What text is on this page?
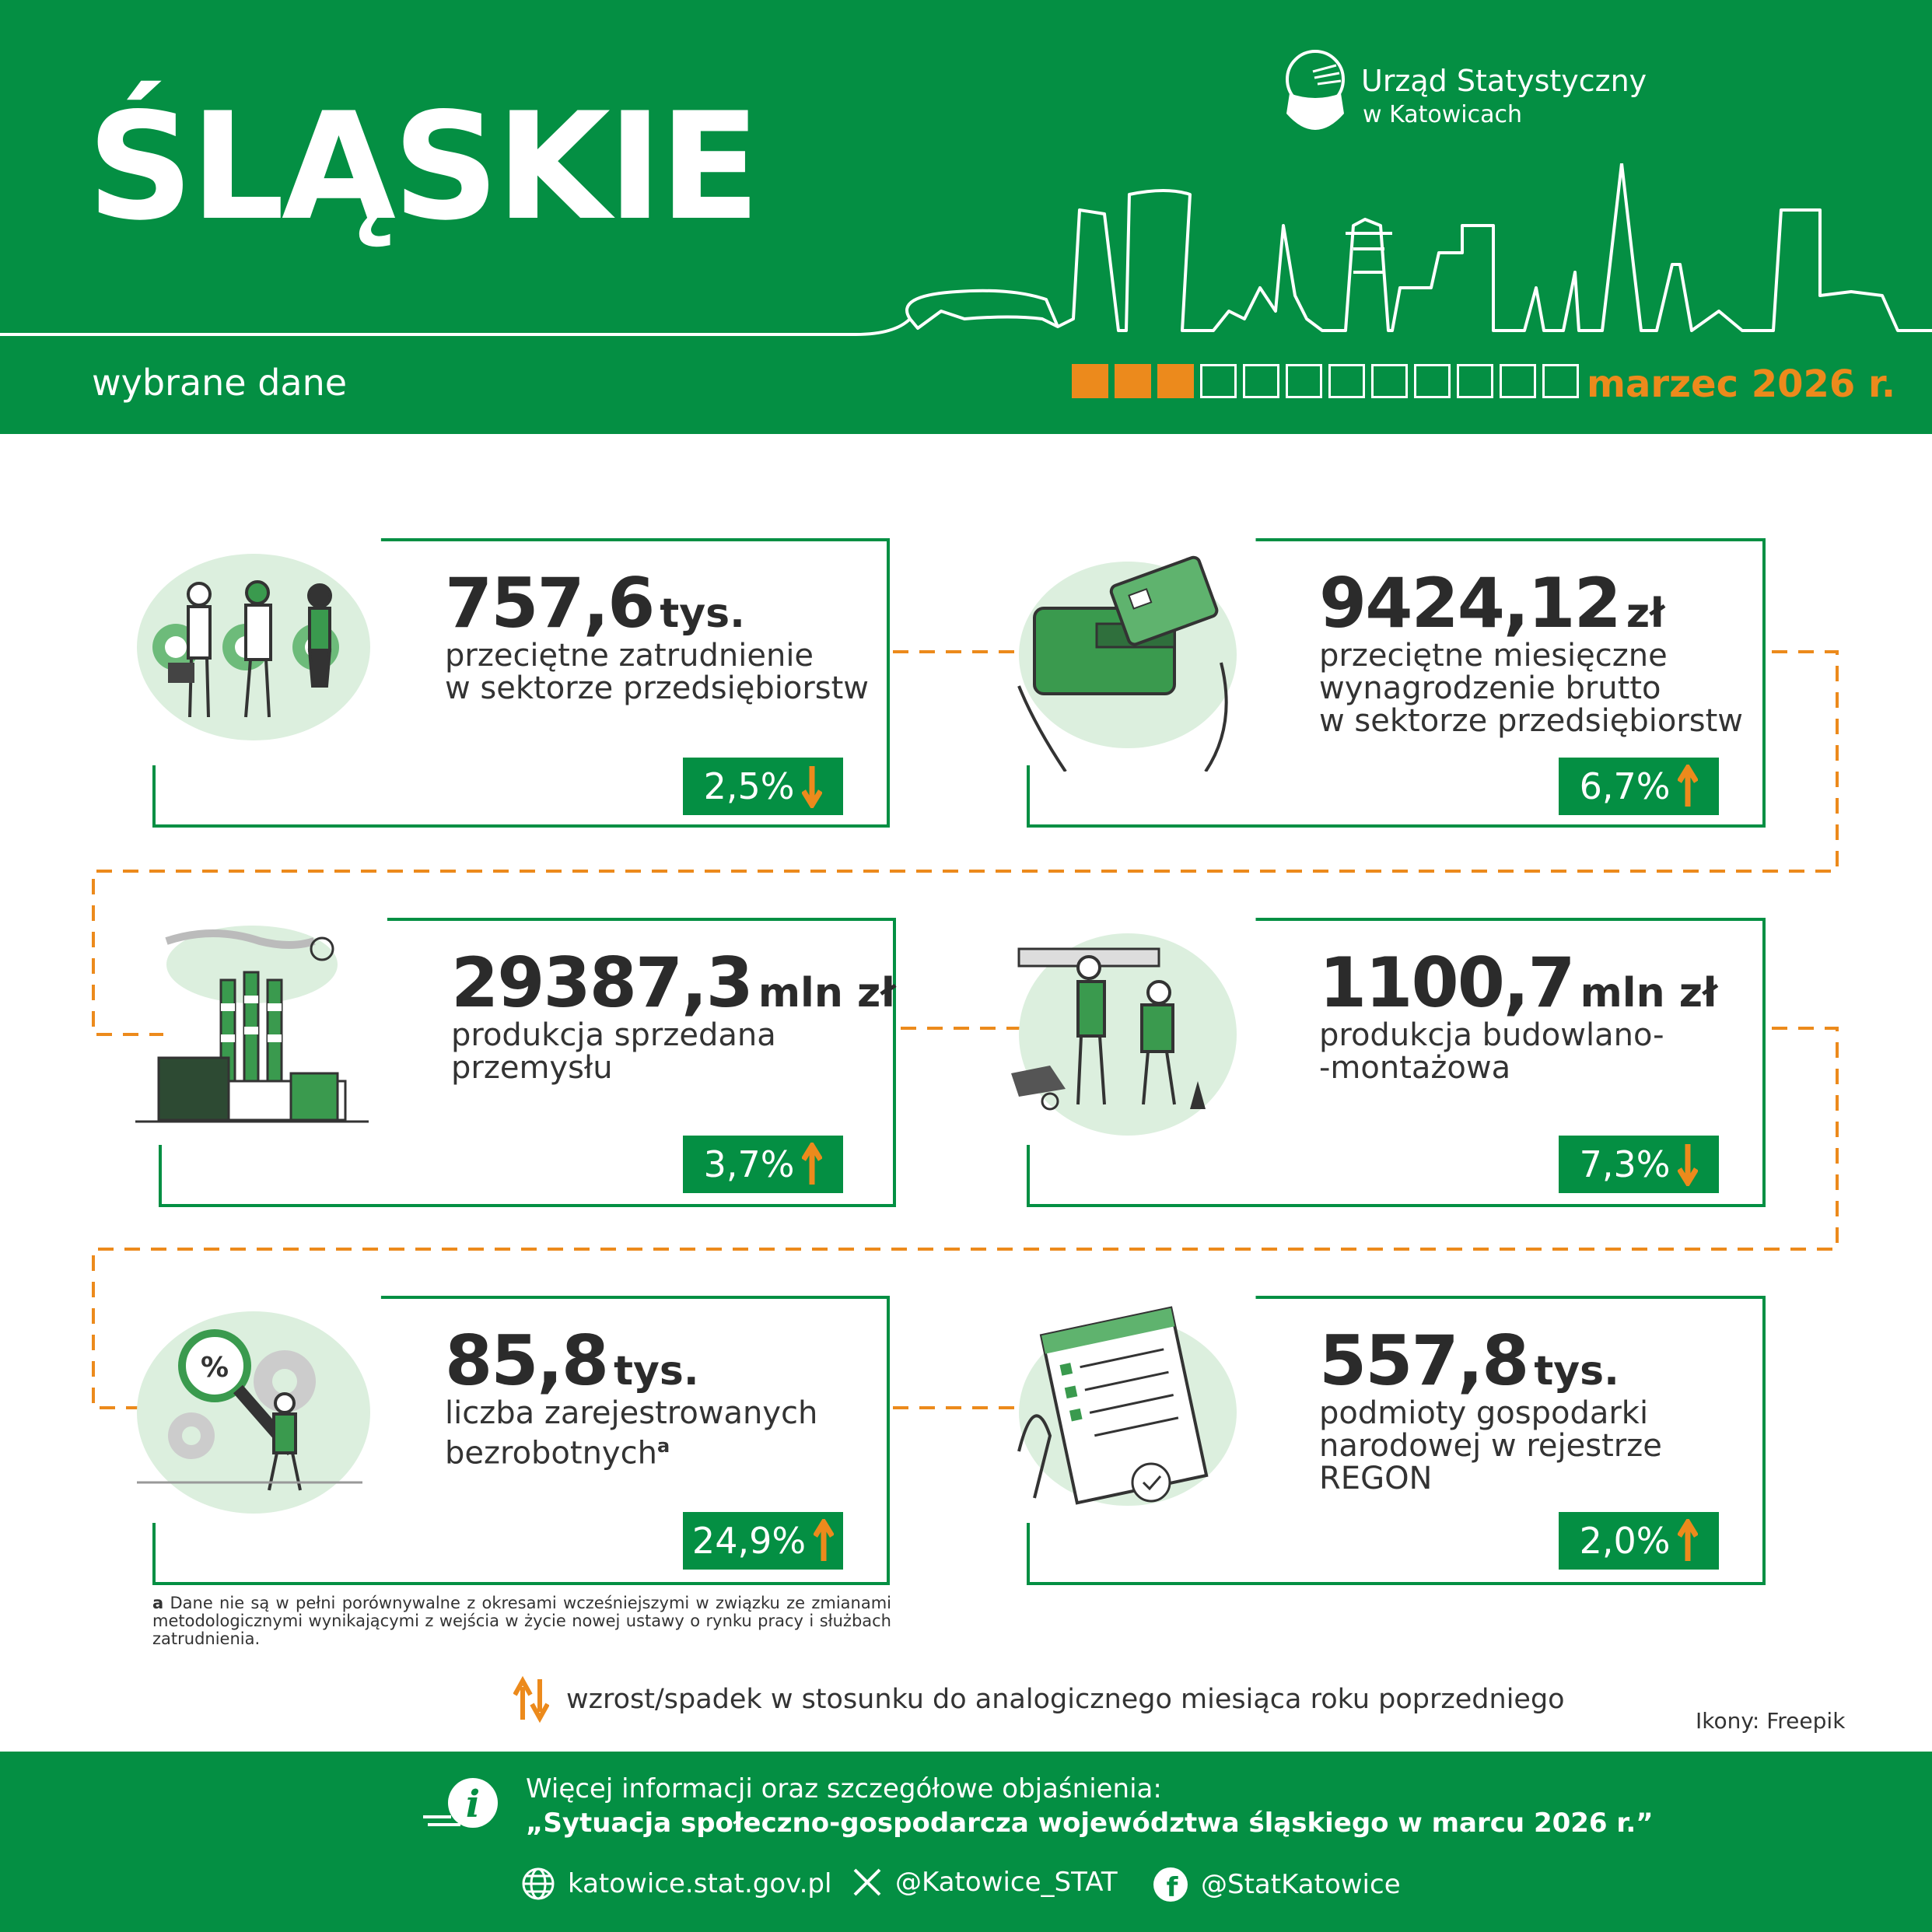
ŚLĄSKIE	Urząd Statystyczny
w Katowicach
wybrane dane	marzec 2026 r.
757,6 tys.
przeciętne zatrudnienie
w sektorze przedsiębiorstw
2,5%
9424,12 zł
przeciętne miesięczne
wynagrodzenie brutto
w sektorze przedsiębiorstw
6,7%
29387,3 mln zł
produkcja sprzedana
przemysłu
3,7%
1100,7 mln zł
produkcja budowlano-
-montażowa
7,3%
%	85,8 tys.
liczba zarejestrowanych
bezrobotnych$^a$
24,9%
557,8 tys.
podmioty gospodarki
narodowej w rejestrze
REGON
2,0%
a Dane nie są w pełni porównywalne z okresami wcześniejszymi w związku ze zmianami metodologicznymi wynikającymi z wejścia w życie nowej ustawy o rynku pracy i służbach zatrudnienia.
wzrost/spadek w stosunku do analogicznego miesiąca roku poprzedniego
Ikony: Freepik
i Więcej informacji oraz szczegółowe objaśnienia:
„Sytuacja społeczno-gospodarcza województwa śląskiego w marcu 2026 r.”
katowice.stat.gov.pl @Katowice_STAT f @StatKatowice
